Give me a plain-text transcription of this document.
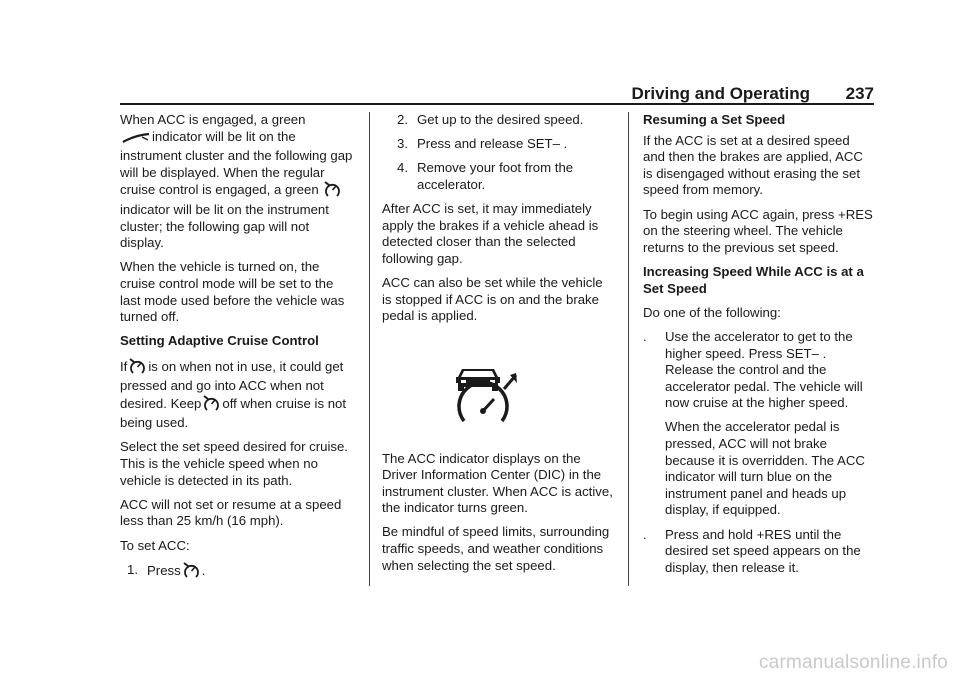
Driving and Operating 237

When ACC is engaged, a green
indicator will be lit on the instrument cluster and the following gap will be displayed. When the regular cruise control is engaged, a green indicator will be lit on the instrument cluster; the following gap will not display.

When the vehicle is turned on, the cruise control mode will be set to the last mode used before the vehicle was turned off.

Setting Adaptive Cruise Control

If is on when not in use, it could get pressed and go into ACC when not desired. Keep off when cruise is not being used.

Select the set speed desired for cruise. This is the vehicle speed when no vehicle is detected in its path.

ACC will not set or resume at a speed less than 25 km/h (16 mph).

To set ACC:

1. Press .
2. Get up to the desired speed.
3. Press and release SET– .
4. Remove your foot from the accelerator.

After ACC is set, it may immediately apply the brakes if a vehicle ahead is detected closer than the selected following gap.

ACC can also be set while the vehicle is stopped if ACC is on and the brake pedal is applied.

The ACC indicator displays on the Driver Information Center (DIC) in the instrument cluster. When ACC is active, the indicator turns green.

Be mindful of speed limits, surrounding traffic speeds, and weather conditions when selecting the set speed.

Resuming a Set Speed

If the ACC is set at a desired speed and then the brakes are applied, ACC is disengaged without erasing the set speed from memory.

To begin using ACC again, press +RES on the steering wheel. The vehicle returns to the previous set speed.

Increasing Speed While ACC is at a Set Speed

Do one of the following:

.	Use the accelerator to get to the higher speed. Press SET– . Release the control and the accelerator pedal. The vehicle will now cruise at the higher speed.

When the accelerator pedal is pressed, ACC will not brake because it is overridden. The ACC indicator will turn blue on the instrument panel and heads up display, if equipped.

.	Press and hold +RES until the desired set speed appears on the display, then release it.
carmanualsonline.info
